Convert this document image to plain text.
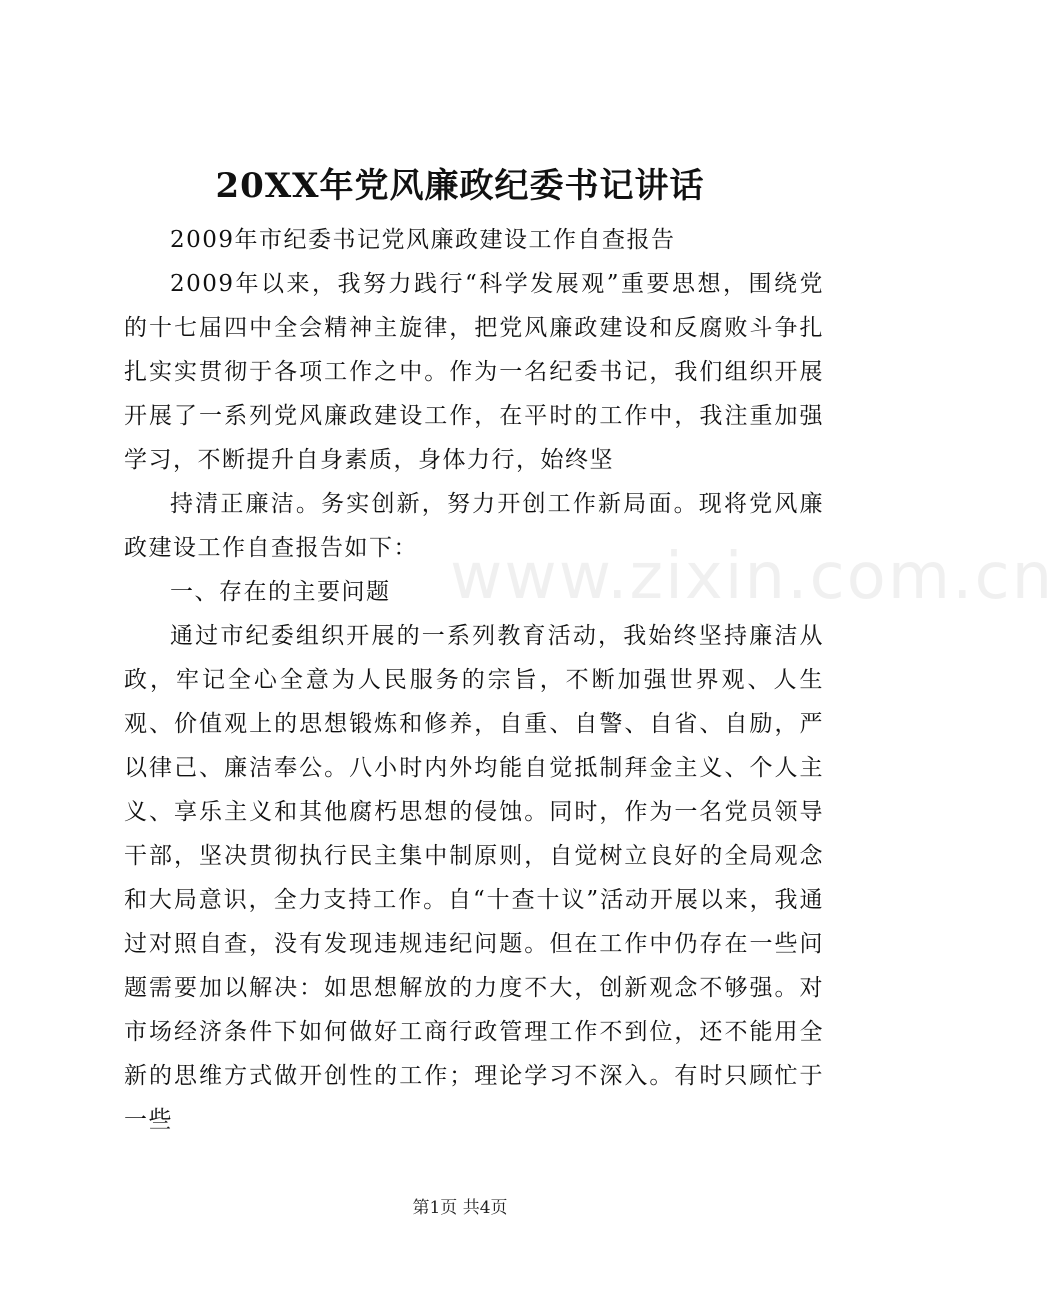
20XX年党风廉政纪委书记讲话

2009年市纪委书记党风廉政建设工作自查报告

2009年以来，我努力践行“科学发展观”重要思想，围绕党的十七届四中全会精神主旋律，把党风廉政建设和反腐败斗争扎扎实实贯彻于各项工作之中。作为一名纪委书记，我们组织开展开展了一系列党风廉政建设工作，在平时的工作中，我注重加强学习，不断提升自身素质，身体力行，始终坚

持清正廉洁。务实创新，努力开创工作新局面。现将党风廉政建设工作自查报告如下：

一、存在的主要问题

通过市纪委组织开展的一系列教育活动，我始终坚持廉洁从政，牢记全心全意为人民服务的宗旨，不断加强世界观、人生观、价值观上的思想锻炼和修养，自重、自警、自省、自励，严以律己、廉洁奉公。八小时内外均能自觉抵制拜金主义、个人主义、享乐主义和其他腐朽思想的侵蚀。同时，作为一名党员领导干部，坚决贯彻执行民主集中制原则，自觉树立良好的全局观念和大局意识，全力支持工作。自“十查十议”活动开展以来，我通过对照自查，没有发现违规违纪问题。但在工作中仍存在一些问题需要加以解决：如思想解放的力度不大，创新观念不够强。对市场经济条件下如何做好工商行政管理工作不到位，还不能用全新的思维方式做开创性的工作；理论学习不深入。有时只顾忙于一些

www.zixin.com.cn
第1页 共4页
